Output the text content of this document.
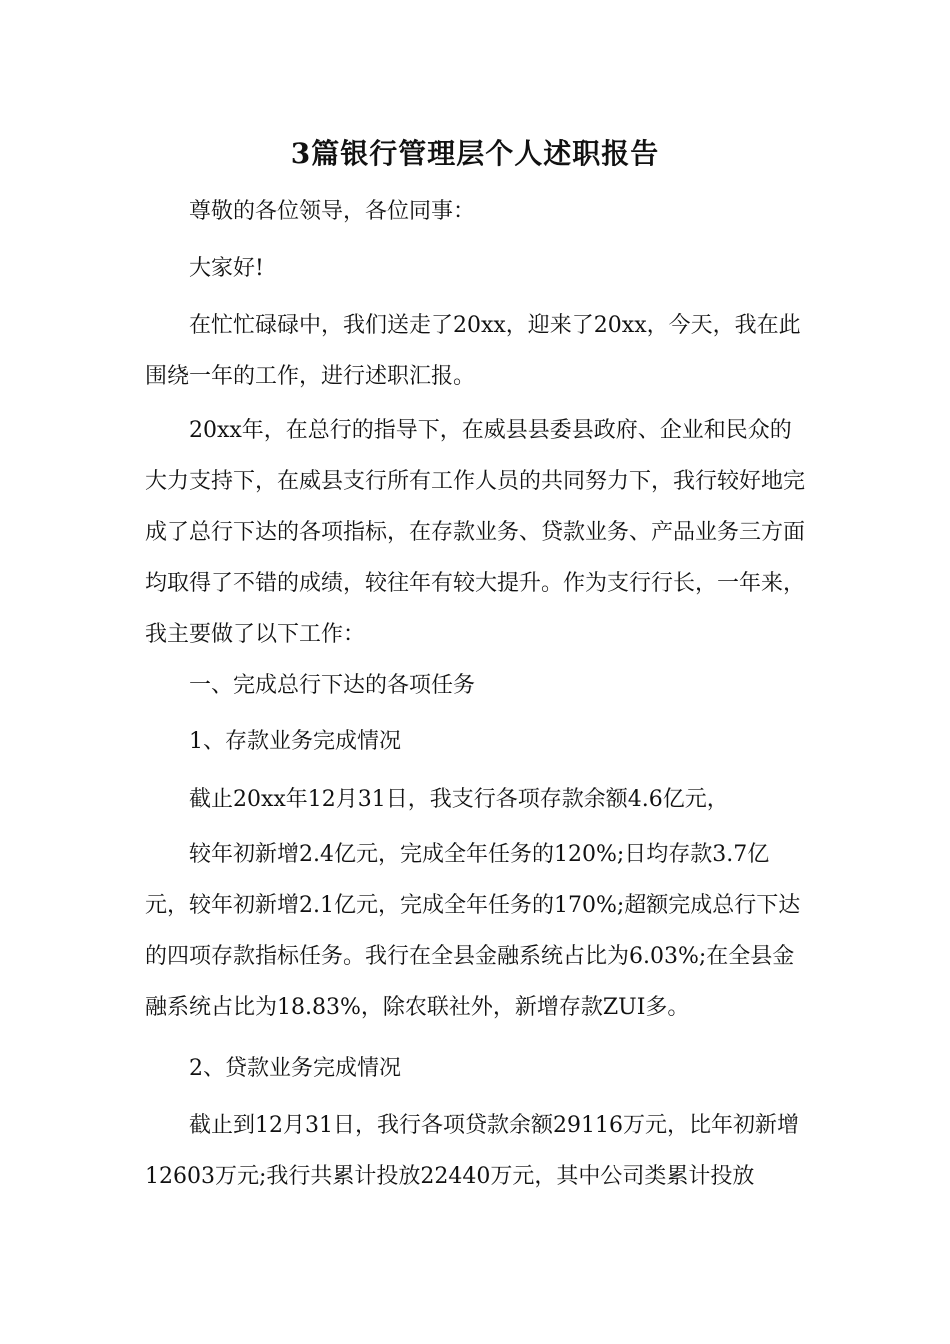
3篇银行管理层个人述职报告

尊敬的各位领导，各位同事：

大家好!

在忙忙碌碌中，我们送走了20xx，迎来了20xx，今天，我在此围绕一年的工作，进行述职汇报。

20xx年，在总行的指导下，在威县县委县政府、企业和民众的大力支持下，在威县支行所有工作人员的共同努力下，我行较好地完成了总行下达的各项指标，在存款业务、贷款业务、产品业务三方面均取得了不错的成绩，较往年有较大提升。作为支行行长，一年来，我主要做了以下工作：

一、完成总行下达的各项任务

1、存款业务完成情况

截止20xx年12月31日，我支行各项存款余额4.6亿元，

较年初新增2.4亿元，完成全年任务的120%;日均存款3.7亿元，较年初新增2.1亿元，完成全年任务的170%;超额完成总行下达的四项存款指标任务。我行在全县金融系统占比为6.03%;在全县金融系统占比为18.83%，除农联社外，新增存款ZUI多。

2、贷款业务完成情况

截止到12月31日，我行各项贷款余额29116万元，比年初新增12603万元;我行共累计投放22440万元，其中公司类累计投放
